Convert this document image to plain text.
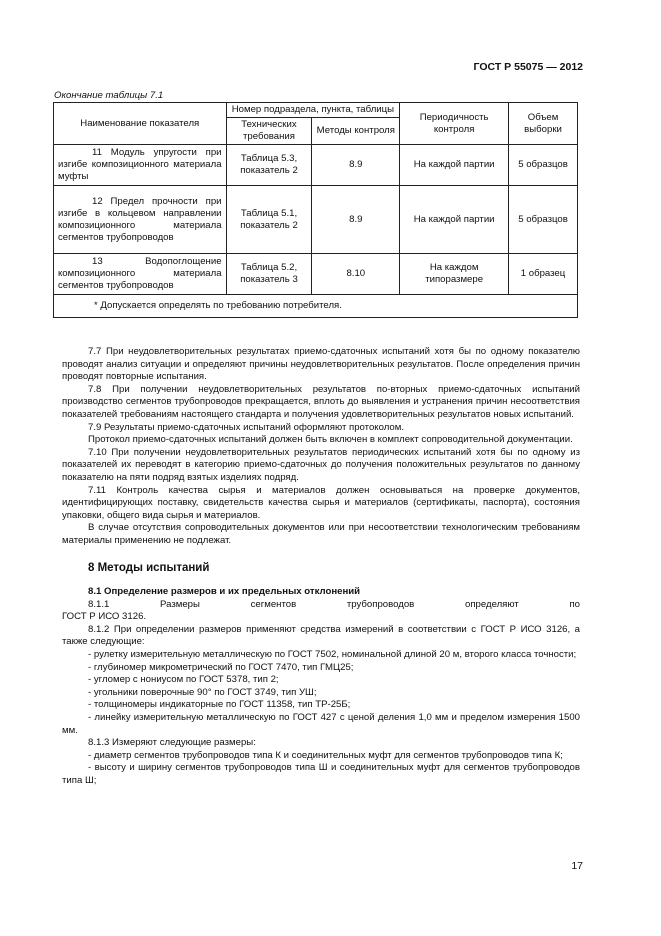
ГОСТ Р 55075 — 2012
Окончание таблицы 7.1
Наименование показателя	Номер подраздела, пункта, таблицы		Периодичность контроля	Объем выборки
	Технических требования	Методы контроля		
11 Модуль упругости при изгибе композиционного материала муфты	Таблица 5.3, показатель 2	8.9	На каждой партии	5 образцов
12 Предел прочности при изгибе в кольцевом направлении композиционного материала сегментов трубопроводов	Таблица 5.1, показатель 2	8.9	На каждой партии	5 образцов
13 Водопоглощение композиционного материала сегментов трубопроводов	Таблица 5.2, показатель 3	8.10	На каждом типоразмере	1 образец
* Допускается определять по требованию потребителя.				

7.7 При неудовлетворительных результатах приемо-сдаточных испытаний хотя бы по одному показателю проводят анализ ситуации и определяют причины неудовлетворительных результатов. После определения причин проводят повторные испытания.

7.8 При получении неудовлетворительных результатов по-вторных приемо-сдаточных испытаний производство сегментов трубопроводов прекращается, вплоть до выявления и устранения причин несоответствия показателей требованиям настоящего стандарта и получения удовлетворительных результатов новых испытаний.

7.9 Результаты приемо-сдаточных испытаний оформляют протоколом.

Протокол приемо-сдаточных испытаний должен быть включен в комплект сопроводительной документации.

7.10 При получении неудовлетворительных результатов периодических испытаний хотя бы по одному из показателей их переводят в категорию приемо-сдаточных до получения положительных результатов по данному показателю на пяти подряд взятых изделиях подряд.

7.11 Контроль качества сырья и материалов должен основываться на проверке документов, идентифицирующих поставку, свидетельств качества сырья и материалов (сертификаты, паспорта), состояния упаковки, общего вида сырья и материалов.

В случае отсутствия сопроводительных документов или при несоответствии технологическим требованиям материалы применению не подлежат.

8 Методы испытаний

8.1 Определение размеров и их предельных отклонений

8.1.1 Размеры сегментов трубопроводов определяют по

ГОСТ Р ИСО 3126.

8.1.2 При определении размеров применяют средства измерений в соответствии с ГОСТ Р ИСО 3126, а также следующие:

- рулетку измерительную металлическую по ГОСТ 7502, номинальной длиной 20 м, второго класса точности;

- глубиномер микрометрический по ГОСТ 7470, тип ГМЦ25;

- угломер с нониусом по ГОСТ 5378, тип 2;

- угольники поверочные 90° по ГОСТ 3749, тип УШ;

- толщиномеры индикаторные по ГОСТ 11358, тип ТР-25Б;

- линейку измерительную металлическую по ГОСТ 427 с ценой деления 1,0 мм и пределом измерения 1500 мм.

8.1.3 Измеряют следующие размеры:

- диаметр сегментов трубопроводов типа К и соединительных муфт для сегментов трубопроводов типа К;

- высоту и ширину сегментов трубопроводов типа Ш и соединительных муфт для сегментов трубопроводов типа Ш;

17
